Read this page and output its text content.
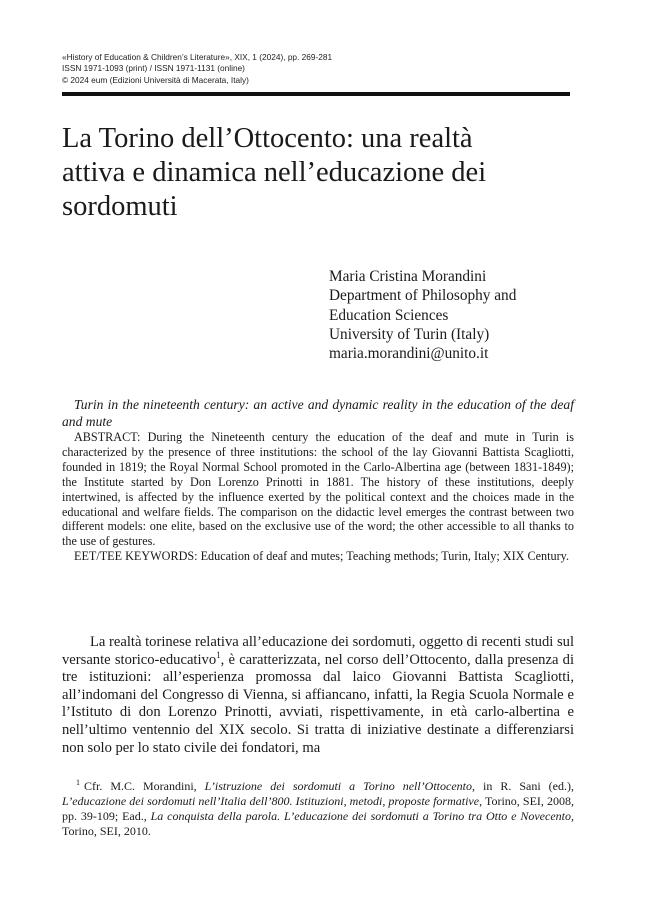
«History of Education & Children’s Literature», XIX, 1 (2024), pp. 269-281
ISSN 1971-1093 (print) / ISSN 1971-1131 (online)
© 2024 eum (Edizioni Università di Macerata, Italy)
La Torino dell’Ottocento: una realtà
attiva e dinamica nell’educazione dei
sordomuti
Maria Cristina Morandini
Department of Philosophy and
Education Sciences
University of Turin (Italy)
maria.morandini@unito.it

Turin in the nineteenth century: an active and dynamic reality in the education of the deaf and mute

ABSTRACT: During the Nineteenth century the education of the deaf and mute in Turin is characterized by the presence of three institutions: the school of the lay Giovanni Battista Scagliotti, founded in 1819; the Royal Normal School promoted in the Carlo-Albertina age (between 1831-1849); the Institute started by Don Lorenzo Prinotti in 1881. The history of these institutions, deeply intertwined, is affected by the influence exerted by the political context and the choices made in the educational and welfare fields. The comparison on the didactic level emerges the contrast between two different models: one elite, based on the exclusive use of the word; the other accessible to all thanks to the use of gestures.

EET/TEE KEYWORDS: Education of deaf and mutes; Teaching methods; Turin, Italy; XIX Century.

La realtà torinese relativa all’educazione dei sordomuti, oggetto di recenti studi sul versante storico-educativo$^1$, è caratterizzata, nel corso dell’Ottocento, dalla presenza di tre istituzioni: all’esperienza promossa dal laico Giovanni Battista Scagliotti, all’indomani del Congresso di Vienna, si affiancano, infatti, la Regia Scuola Normale e l’Istituto di don Lorenzo Prinotti, avviati, rispettivamente, in età carlo-albertina e nell’ultimo ventennio del XIX secolo. Si tratta di iniziative destinate a differenziarsi non solo per lo stato civile dei fondatori, ma

$^1$ Cfr. M.C. Morandini, L’istruzione dei sordomuti a Torino nell’Ottocento, in R. Sani (ed.), L’educazione dei sordomuti nell’Italia dell’800. Istituzioni, metodi, proposte formative, Torino, SEI, 2008, pp. 39-109; Ead., La conquista della parola. L’educazione dei sordomuti a Torino tra Otto e Novecento, Torino, SEI, 2010.
